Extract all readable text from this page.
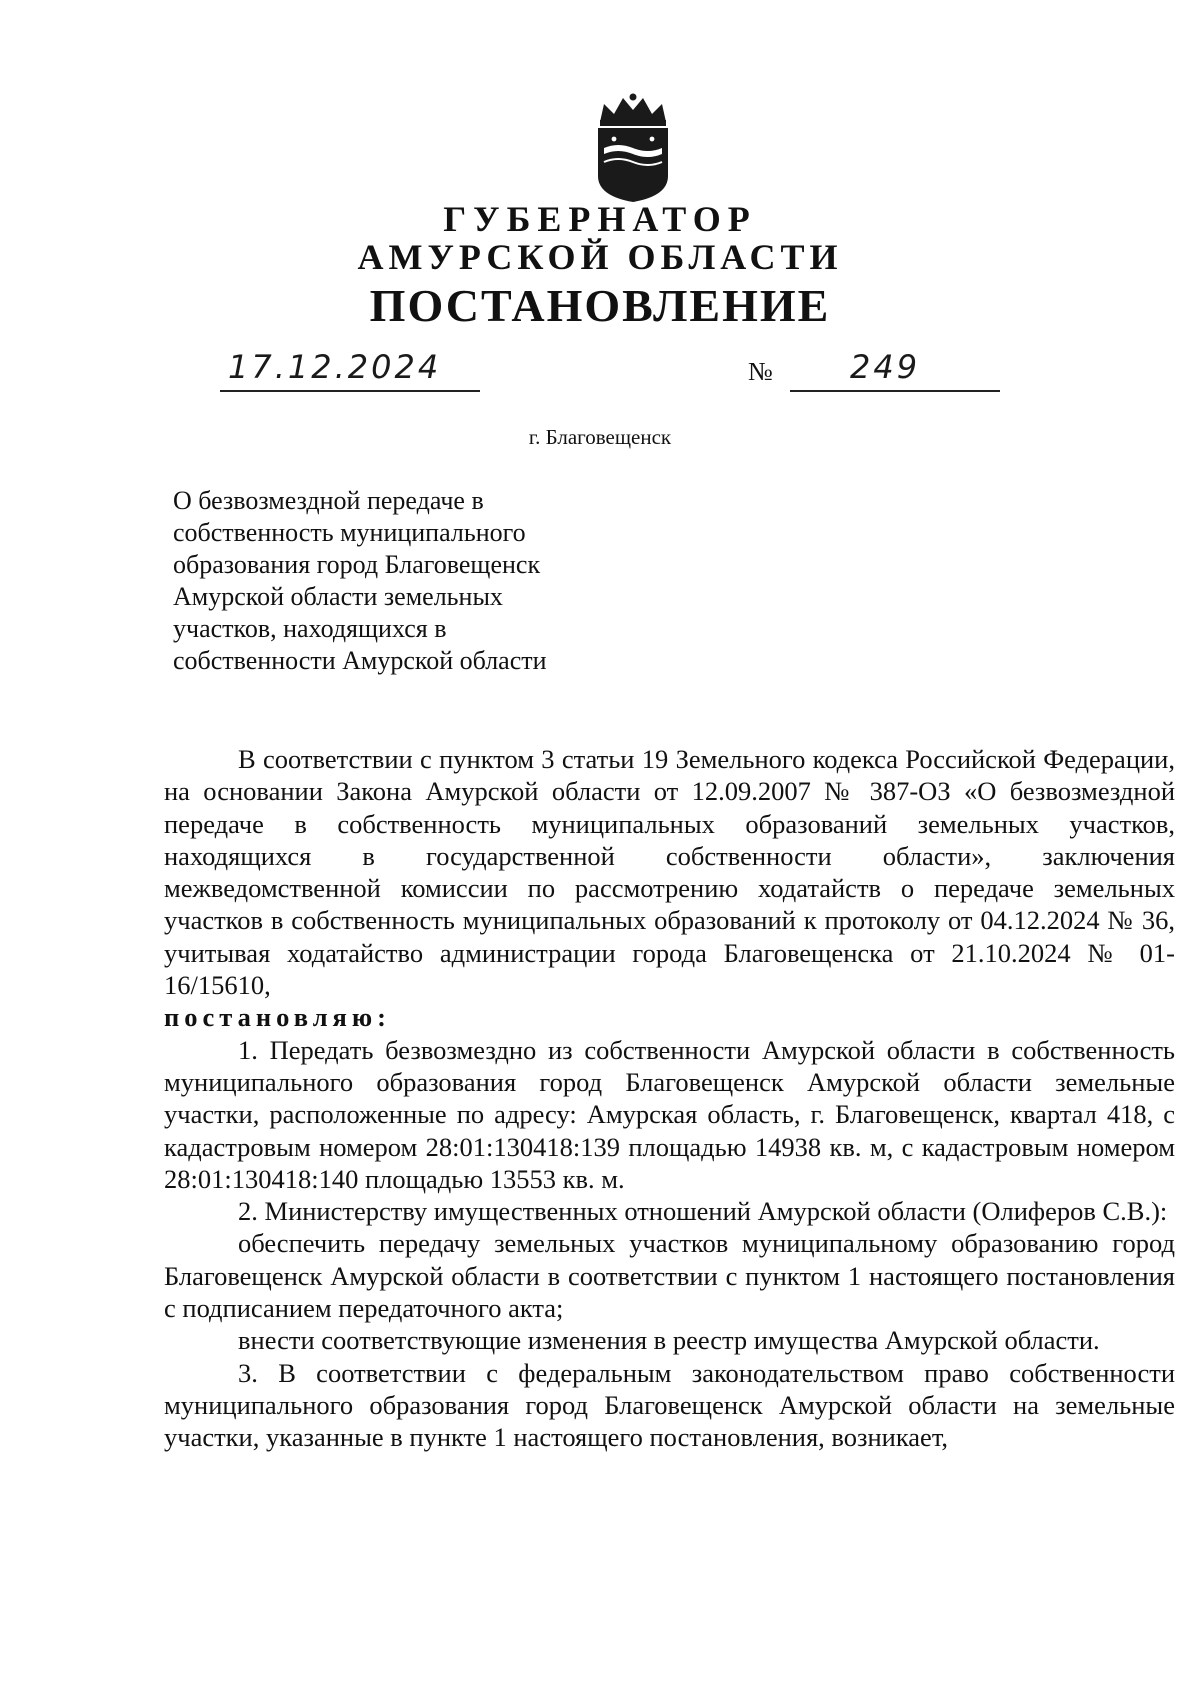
ГУБЕРНАТОР
АМУРСКОЙ ОБЛАСТИ
ПОСТАНОВЛЕНИЕ
17.12.2024	№ 249
г. Благовещенск
О безвозмездной передаче в
собственность муниципального
образования город Благовещенск
Амурской области земельных
участков, находящихся в
собственности Амурской области

В соответствии с пунктом 3 статьи 19 Земельного кодекса Российской Федерации, на основании Закона Амурской области от 12.09.2007 № 387-ОЗ «О безвозмездной передаче в собственность муниципальных образований земельных участков, находящихся в государственной собственности области», заключения межведомственной комиссии по рассмотрению ходатайств о передаче земельных участков в собственность муниципальных образований к протоколу от 04.12.2024 № 36, учитывая ходатайство администрации города Благовещенска от 21.10.2024 № 01-16/15610,

постановляю:

1. Передать безвозмездно из собственности Амурской области в собственность муниципального образования город Благовещенск Амурской области земельные участки, расположенные по адресу: Амурская область, г. Благовещенск, квартал 418, с кадастровым номером 28:01:130418:139 площадью 14938 кв. м, с кадастровым номером 28:01:130418:140 площадью 13553 кв. м.

2. Министерству имущественных отношений Амурской области (Олиферов С.В.):

обеспечить передачу земельных участков муниципальному образованию город Благовещенск Амурской области в соответствии с пунктом 1 настоящего постановления с подписанием передаточного акта;

внести соответствующие изменения в реестр имущества Амурской области.

3. В соответствии с федеральным законодательством право собственности муниципального образования город Благовещенск Амурской области на земельные участки, указанные в пункте 1 настоящего постановления, возникает,
